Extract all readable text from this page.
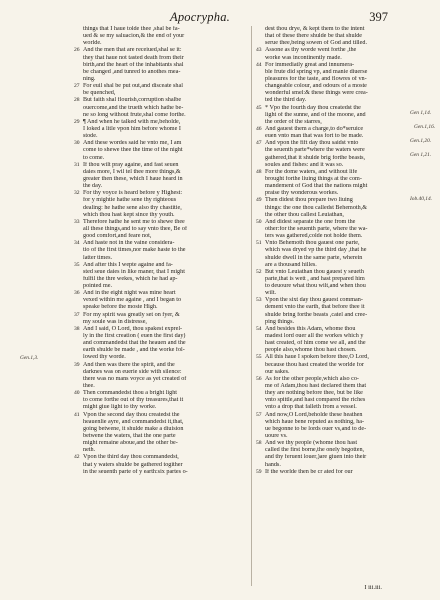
Apocrypha.	397
things that I haue tolde thee ,shal be fa-
ued & se my saluacion,& the end of your
worlde.
26 And the men that are receiued,shal se it:
they that haue not tasted death from their
birth,and the heart of the inhabitants shal
be changed ,and tunred to anothes mea-
ning.
27 For euil shal be put out,and disceate shal
be quenched,
28 But faith shal flourish,corruption shalbe
ouercome,and the trueth which hathe be-
ne so long without frute,shal come forthe.
29 ¶ And when he talked with me,beholde,
I loked a litle vpon him before whome I
stode.
30 And these wordes said he vnto me, I am
come to shewe thee the time of the night
to come.
31 If thou wilt pray againe, and fast seuen
daies more, I wil tel thee more things,&
greater then these, which I haue heard in
the day.
32 For thy voyce is heard before y Highest:
for y mightie hathe sene thy righteous
dealing: he hathe sene also thy chastitie,
which thou hast kept since thy youth.
33 Therefore hathe he sent me to shewe thee
all these things,and to say vnto thee, Be of
good comfort,and feare not,
34 And haste not in the vaine considera-
tio of the first times,nor make haste to the
latter times.
35 And after this I wepte againe and fa-
sted seue daies in like maner, that I might
fulfil the thre wekes, which he had ap-
pointed me.
36 And in the eight night was mine heart
vexed within me againe , and I began to
speake before the moste High.
37 For my spirit was greatly set on fyer, &
my soule was in distresse,
38 And I said, O Lord, thou spakest exprel-
ly in the first creation ( euen the first day)
and commandedst that the heauen and the
earth shulde be made , and the worke fol-
lowed thy worde.
39 And then was there the spirit, and the
darknes was on euerie side with silence:
there was no mans voyce as yet created of
thee.
40 Then commandedst thou a bright light
to come forthe out of thy treasures,that it
might giue light to thy worke.
41 Vpon the second day thou createdst the
heauenlie ayre, and commandedst it,that,
going betwene, it shulde make a diuision
betwene the waters, that the one parte
might remaine aboue,and the other be-
neth.
42 Vpon the third day thou commandedst,
that y waters shulde be gathered togither
in the seuenth parte of y earth:six partes o-
dest thou drye, & kept them to the intent
that of these there shulde be that shulde
serue thee,being sowen of God and tilled.
43 Assone as thy worde went forthe ,the
worke was incontinently made.
44 For immediatly great and innumera-
ble frute did spring vp, and manie diuerse
pleasures for the taste, and flowres of vn-
changeable colour, and odours of a moste
wonderful smel:& these things were crea-
ted the third day.
45 * Vpo the fourth day thou createdst the
light of the sunne, and of the moone, and
the order of the starres,
46 And gauest them a charge,to do*seruice
euen vnto man that was fort to be made.
47 And vpon the fift day thou saidst vnto
the seuenth parte*where the waters were
gathered,that it shulde brig forthe beasts,
soules and fishes: and it was so.
48 For the dome waters, and without life
brought forthe liuing things at the com-
mandement of God that the nations might
praise thy wonderous workes.
49 Then didest thou prepare two liuing
things: the one thou calledst Behemoth,&
the other thou callest Leuiathan,
50 And didest separate the one from the
other:for the seuenth parte, where the wa-
ters was gathered,colde not holde them.
51 Vnto Behemoth thou gauest one parte,
which was dryed vp the third day ,that he
shulde dwell in the same parte, wherein
are a thousand hilles.
52 But vnto Leuiathan thou gauest y seueth
parte,that is wett , and hast prepared him
to deuoure what thou wilt,and when thou
wilt.
53 Vpon the sixt day thou gauest comman-
dement vnto the earth, that before thee it
shulde bring forthe beasts ,catel and cree-
ping things.
54 And besides this Adam, whome thou
madest lord ouer all the workes which y
hast created, of him come we all, and the
people also,whome thou hast chosen.
55 All this haue I spoken before thee,O Lord,
because thou hast created the worlde for
our sakes.
56 As for the other people,which also co-
me of Adam,thou hast declared them that
they are nothing before thee, but be like
vnto spittle,and hast compared the riches
vnto a drop that falleth from a vessel.
57 And now,O Lord,beholde these heathen
which haue bene reputed as nothing, ha-
ue begonne to be lords ouer vs,and to de-
uoure vs.
58 And we thy people (whome thou hast
called the first borne,the onely begotten,
and thy feruent louer,)are giuen into their
hands.
59 If the worlde then be cr ated for our
Gen.1,3.
Gen 1,14.
Gen.1,16.
Gen.1,20.
Gen 1,21.
Iob.40,14.
I iii.iii.
